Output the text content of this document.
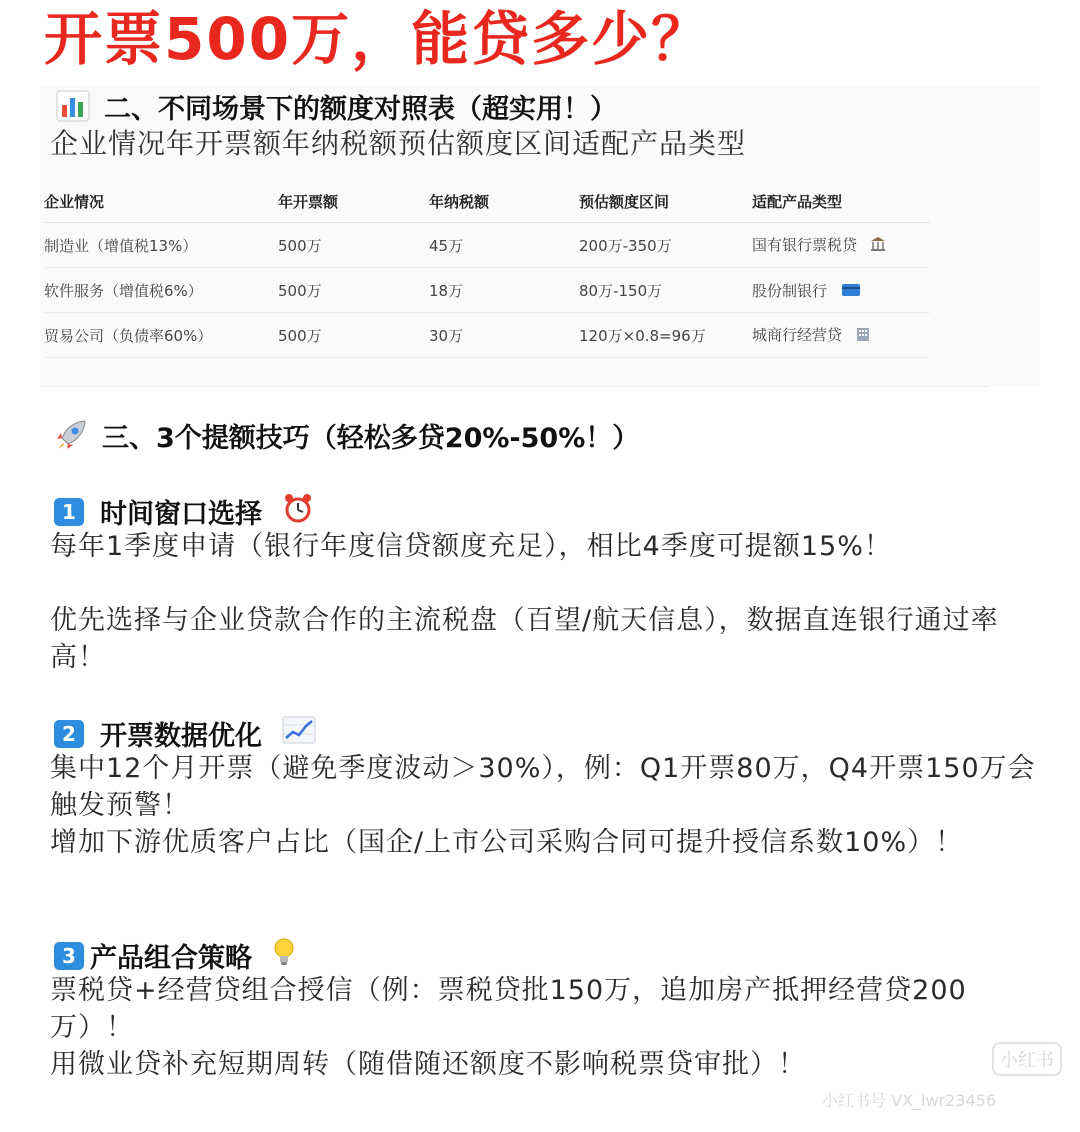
开票500万，能贷多少？
二、不同场景下的额度对照表（超实用！）
企业情况年开票额年纳税额预估额度区间适配产品类型
企业情况	年开票额	年纳税额	预估额度区间	适配产品类型
制造业（增值税13%）	500万	45万	200万-350万	国有银行票税贷
软件服务（增值税6%）	500万	18万	80万-150万	股份制银行
贸易公司（负债率60%）	500万	30万	120万×0.8=96万	城商行经营贷
三、3个提额技巧（轻松多贷20%-50%！）
1 时间窗口选择
每年1季度申请（银行年度信贷额度充足），相比4季度可提额15%！
优先选择与企业贷款合作的主流税盘（百望/航天信息），数据直连银行通过率高！
2 开票数据优化
集中12个月开票（避免季度波动＞30%），例：Q1开票80万，Q4开票150万会触发预警！
增加下游优质客户占比（国企/上市公司采购合同可提升授信系数10%）！
3 产品组合策略
票税贷+经营贷组合授信（例：票税贷批150万，追加房产抵押经营贷200万）！
用微业贷补充短期周转（随借随还额度不影响税票贷审批）！	小红书
小红书号 VX_lwr23456
